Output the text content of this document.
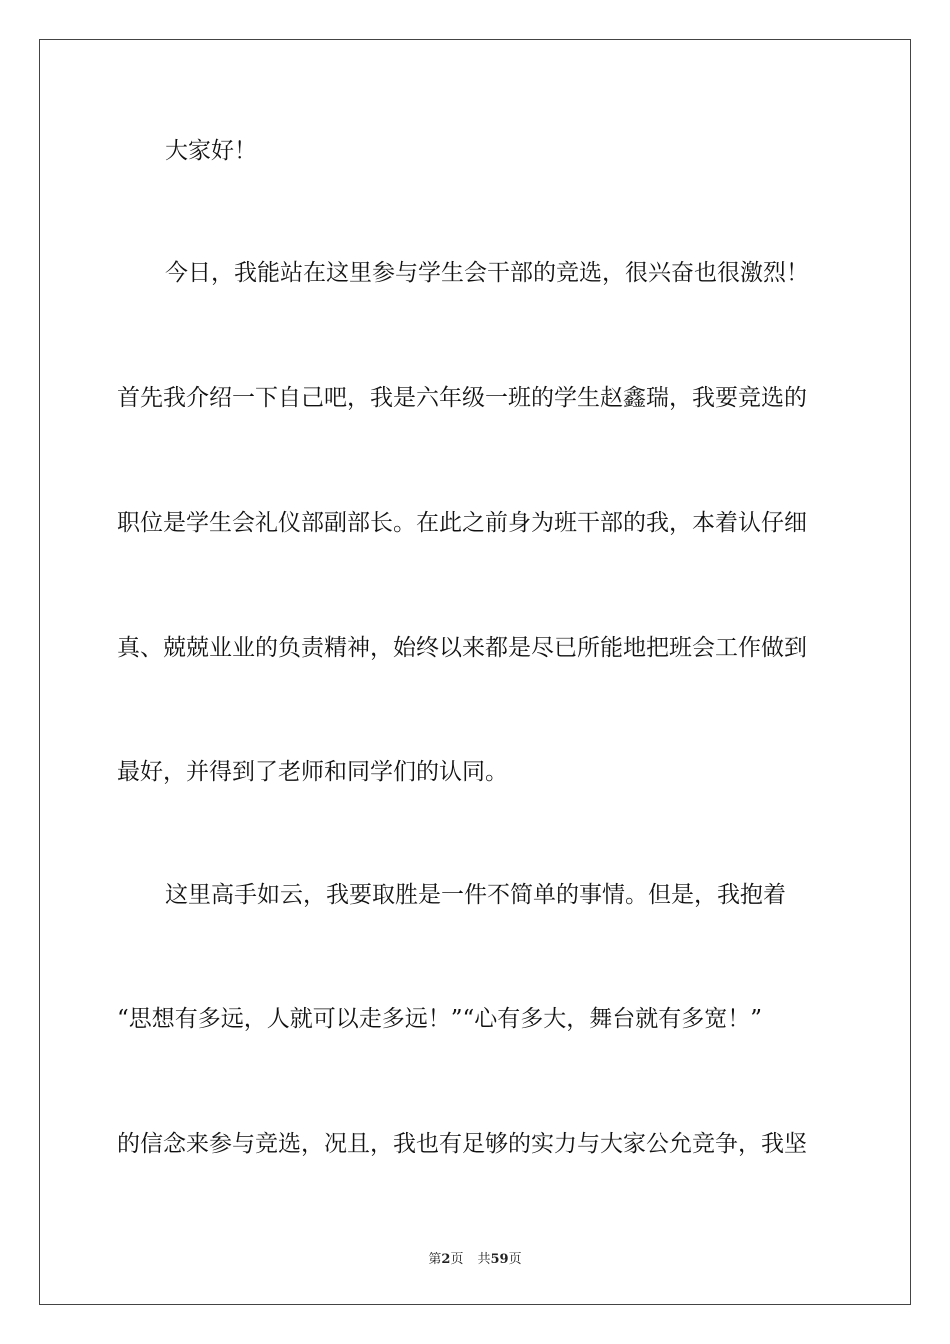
大家好！
今日，我能站在这里参与学生会干部的竞选，很兴奋也很激烈！
首先我介绍一下自己吧，我是六年级一班的学生赵鑫瑞，我要竞选的
职位是学生会礼仪部副部长。在此之前身为班干部的我，本着认仔细
真、兢兢业业的负责精神，始终以来都是尽已所能地把班会工作做到
最好，并得到了老师和同学们的认同。
这里高手如云，我要取胜是一件不简单的事情。但是，我抱着
“思想有多远，人就可以走多远！”“心有多大，舞台就有多宽！”
的信念来参与竞选，况且，我也有足够的实力与大家公允竞争，我坚
第2页 共59页
